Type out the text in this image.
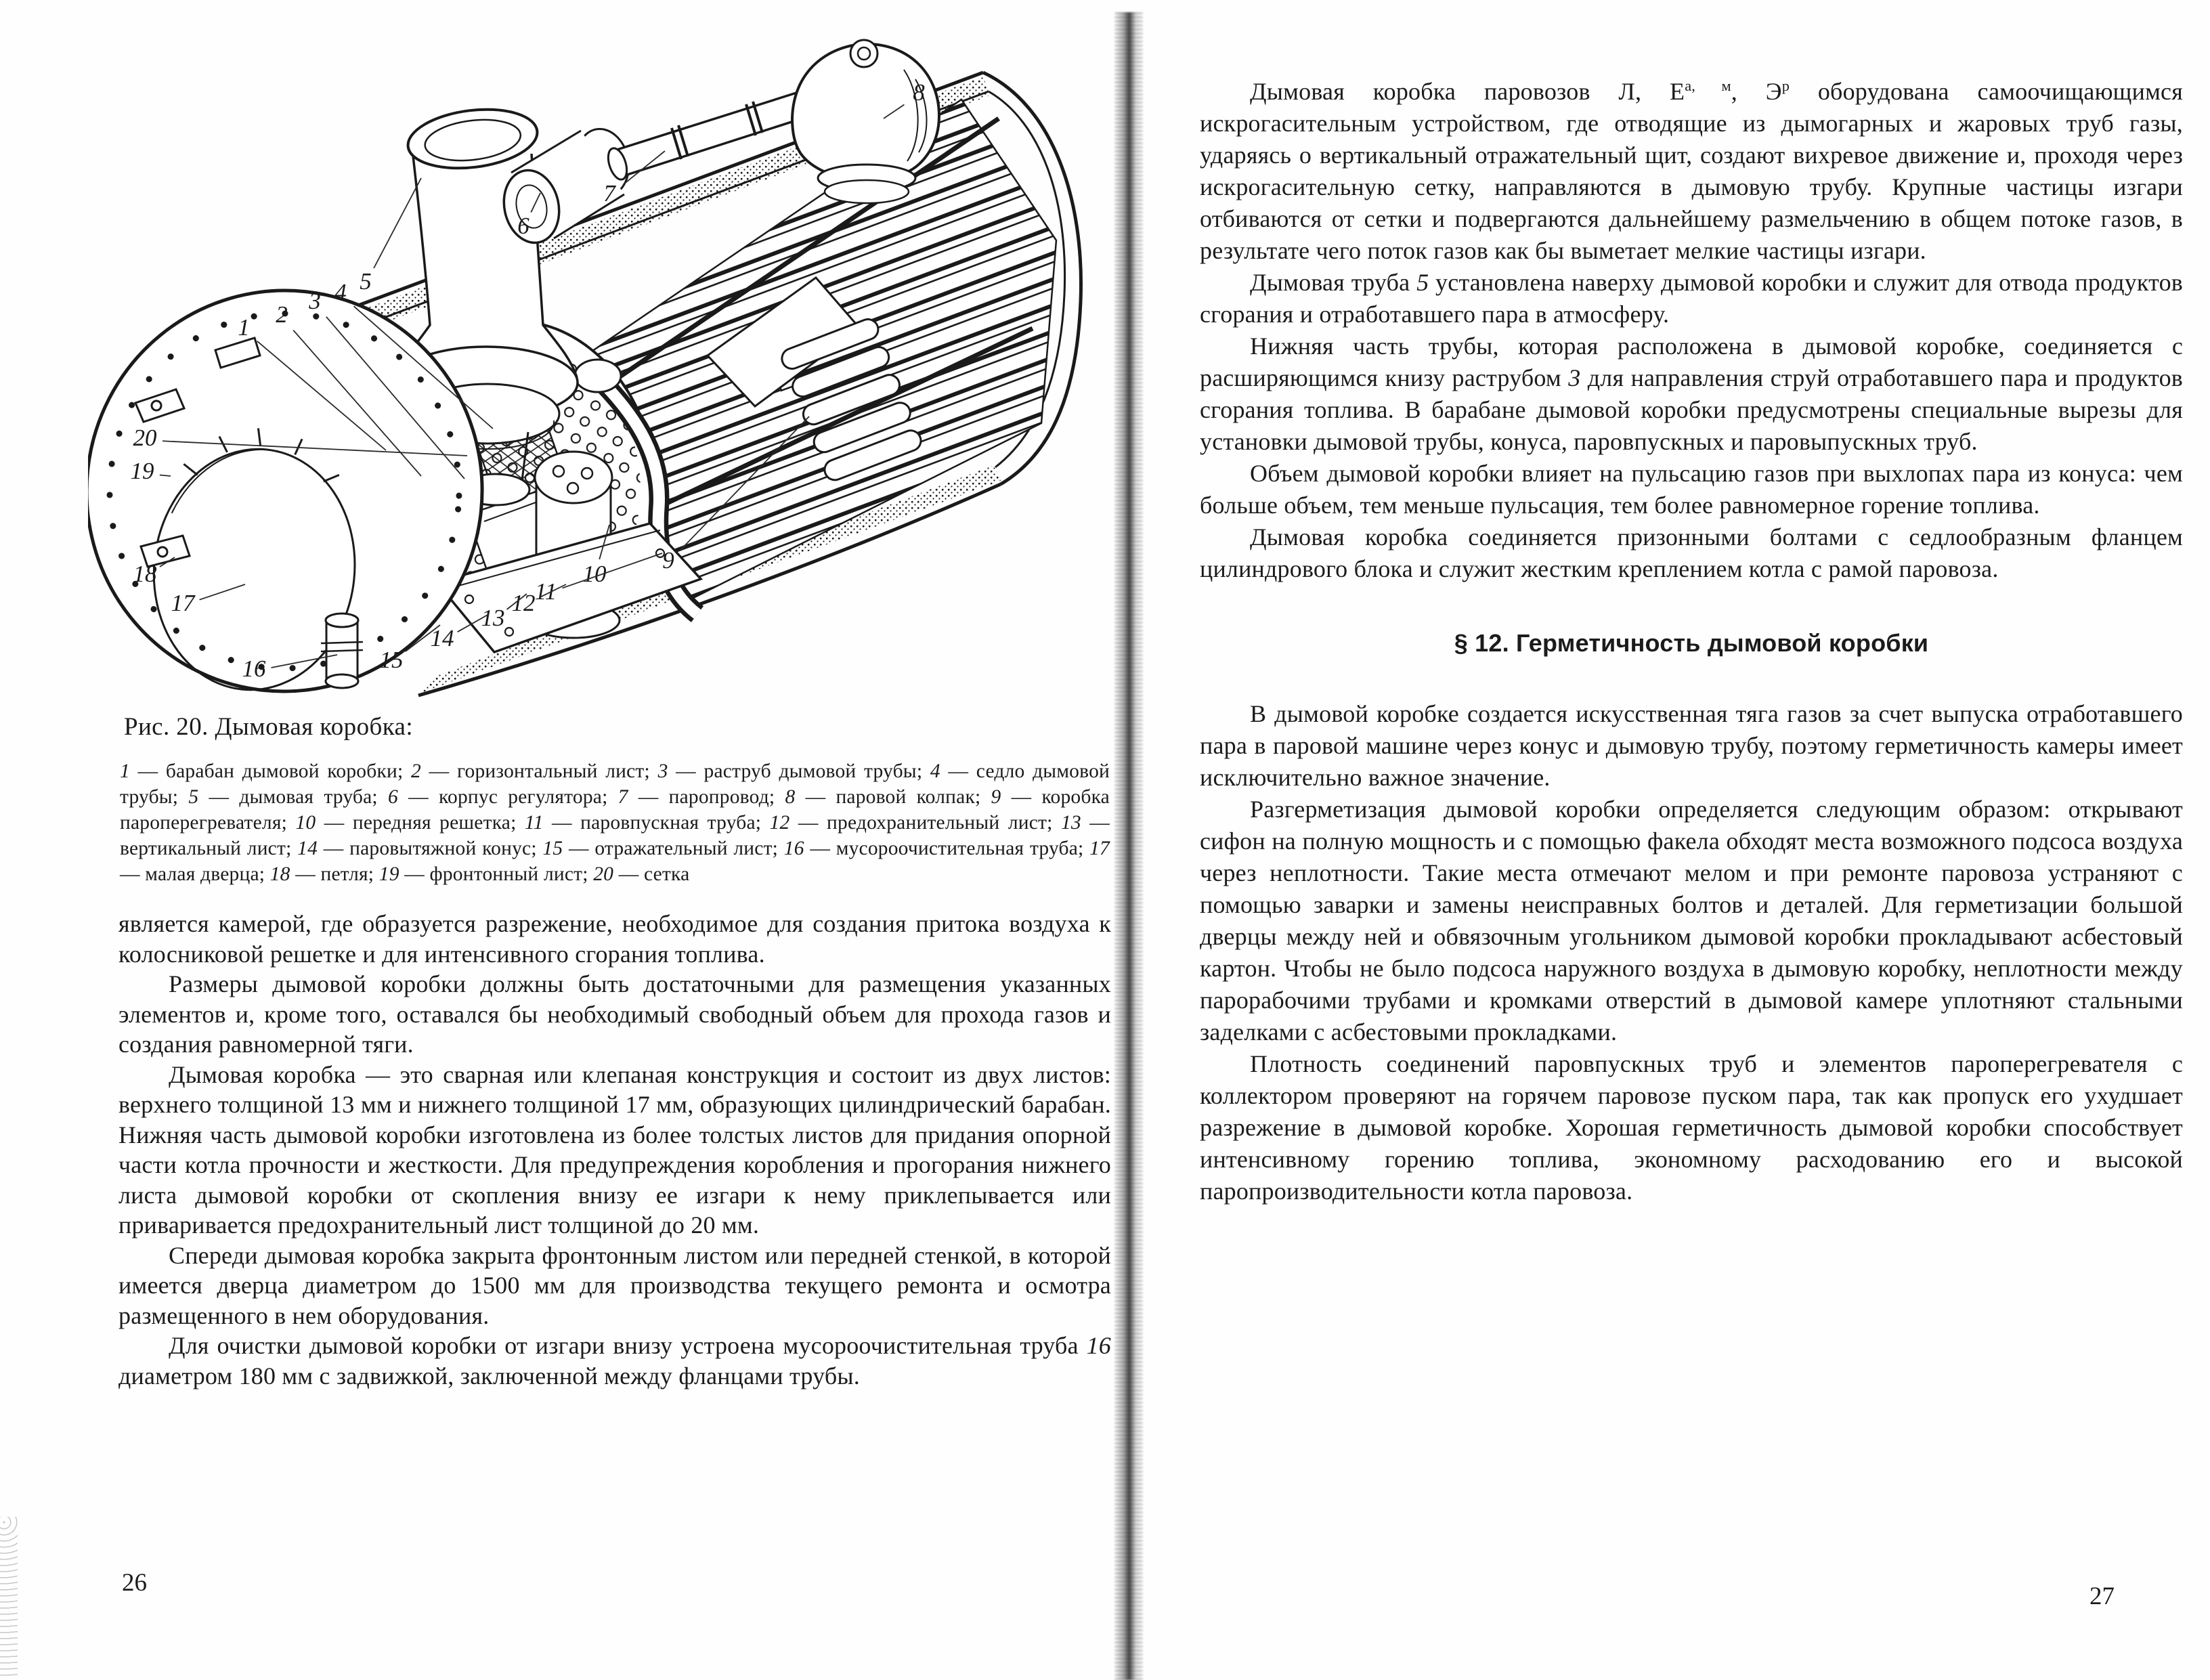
1 2
3 4 5
6
7
8
9
10
11
12
13
14
15
16
17
18
19
20
Рис. 20. Дымовая коробка:
1 — барабан дымовой коробки; 2 — горизонтальный лист; 3 — раструб дымовой трубы; 4 — седло дымовой трубы; 5 — дымовая труба; 6 — корпус регулятора; 7 — паропровод; 8 — паровой колпак; 9 — коробка пароперегревателя; 10 — передняя решетка; 11 — паровпускная труба; 12 — предохранительный лист; 13 — вертикальный лист; 14 — паровытяжной конус; 15 — отражательный лист; 16 — мусороочистительная труба; 17 — малая дверца; 18 — петля; 19 — фронтонный лист; 20 — сетка

является камерой, где образуется разрежение, необходимое для создания притока воздуха к колосниковой решетке и для интенсивного сгорания топлива.

Размеры дымовой коробки должны быть достаточными для размещения указанных элементов и, кроме того, оставался бы необходимый свободный объем для прохода газов и создания равномерной тяги.

Дымовая коробка — это сварная или клепаная конструкция и состоит из двух листов: верхнего толщиной 13 мм и нижнего толщиной 17 мм, образующих цилиндрический барабан. Нижняя часть дымовой коробки изготовлена из более толстых листов для придания опорной части котла прочности и жесткости. Для предупреждения коробления и прогорания нижнего листа дымовой коробки от скопления внизу ее изгари к нему приклепывается или приваривается предохранительный лист толщиной до 20 мм.

Спереди дымовая коробка закрыта фронтонным листом или передней стенкой, в которой имеется дверца диаметром до 1500 мм для производства текущего ремонта и осмотра размещенного в нем оборудования.

Для очистки дымовой коробки от изгари внизу устроена мусороочистительная труба 16 диаметром 180 мм с задвижкой, заключенной между фланцами трубы.

26

Дымовая коробка паровозов Л, $Е^{а, м}$, $Э^р$ оборудована самоочищающимся искрогасительным устройством, где отводящие из дымогарных и жаровых труб газы, ударяясь о вертикальный отражательный щит, создают вихревое движение и, проходя через искрогасительную сетку, направляются в дымовую трубу. Крупные частицы изгари отбиваются от сетки и подвергаются дальнейшему размельчению в общем потоке газов, в результате чего поток газов как бы выметает мелкие частицы изгари.

Дымовая труба 5 установлена наверху дымовой коробки и служит для отвода продуктов сгорания и отработавшего пара в атмосферу.

Нижняя часть трубы, которая расположена в дымовой коробке, соединяется с расширяющимся книзу раструбом 3 для направления струй отработавшего пара и продуктов сгорания топлива. В барабане дымовой коробки предусмотрены специальные вырезы для установки дымовой трубы, конуса, паровпускных и паровыпускных труб.

Объем дымовой коробки влияет на пульсацию газов при выхлопах пара из конуса: чем больше объем, тем меньше пульсация, тем более равномерное горение топлива.

Дымовая коробка соединяется призонными болтами с седлообразным фланцем цилиндрового блока и служит жестким креплением котла с рамой паровоза.

§ 12. Герметичность дымовой коробки

В дымовой коробке создается искусственная тяга газов за счет выпуска отработавшего пара в паровой машине через конус и дымовую трубу, поэтому герметичность камеры имеет исключительно важное значение.

Разгерметизация дымовой коробки определяется следующим образом: открывают сифон на полную мощность и с помощью факела обходят места возможного подсоса воздуха через неплотности. Такие места отмечают мелом и при ремонте паровоза устраняют с помощью заварки и замены неисправных болтов и деталей. Для герметизации большой дверцы между ней и обвязочным угольником дымовой коробки прокладывают асбестовый картон. Чтобы не было подсоса наружного воздуха в дымовую коробку, неплотности между парорабочими трубами и кромками отверстий в дымовой камере уплотняют стальными заделками с асбестовыми прокладками.

Плотность соединений паровпускных труб и элементов пароперегревателя с коллектором проверяют на горячем паровозе пуском пара, так как пропуск его ухудшает разрежение в дымовой коробке. Хорошая герметичность дымовой коробки способствует интенсивному горению топлива, экономному расходованию его и высокой паропроизводительности котла паровоза.

27
